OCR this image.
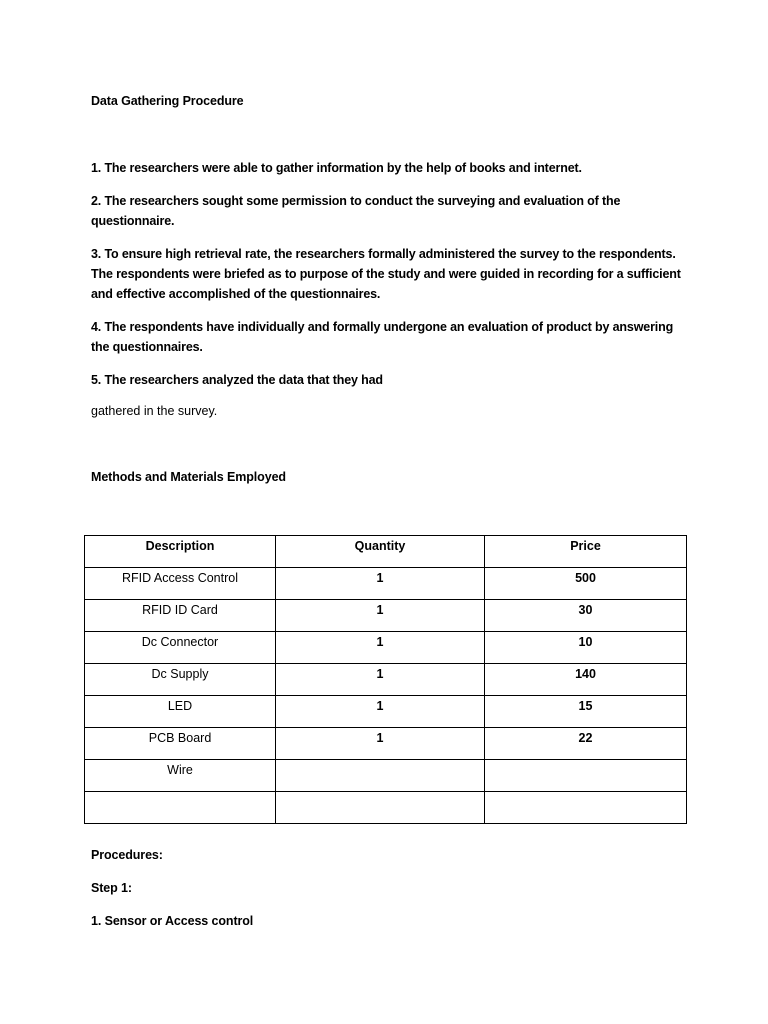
Data Gathering Procedure

1. The researchers were able to gather information by the help of books and internet.

2. The researchers sought some permission to conduct the surveying and evaluation of the questionnaire.

3. To ensure high retrieval rate, the researchers formally administered the survey to the respondents. The respondents were briefed as to purpose of the study and were guided in recording for a sufficient and effective accomplished of the questionnaires.

4. The respondents have individually and formally undergone an evaluation of product by answering the questionnaires.

5. The researchers analyzed the data that they had

gathered in the survey.

Methods and Materials Employed

Description	Quantity	Price
RFID Access Control	1	500
RFID ID Card	1	30
Dc Connector	1	10
Dc Supply	1	140
LED	1	15
PCB Board	1	22
Wire		

Procedures:

Step 1:

1. Sensor or Access control
